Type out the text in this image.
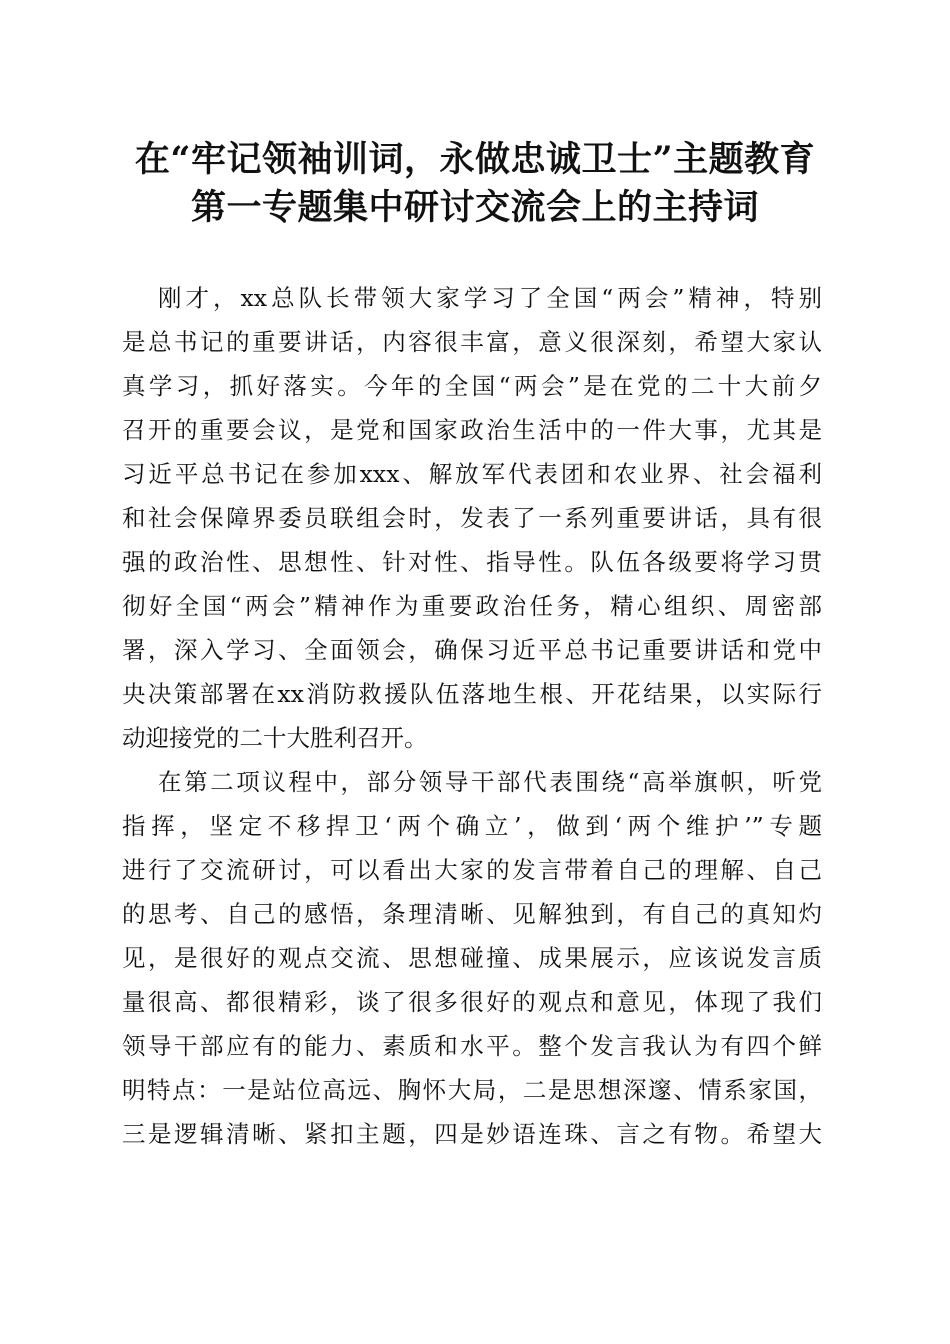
在“牢记领袖训词，永做忠诚卫士”主题教育
第一专题集中研讨交流会上的主持词
刚才，xx总队长带领大家学习了全国“两会”精神，特别
是总书记的重要讲话，内容很丰富，意义很深刻，希望大家认
真学习，抓好落实。今年的全国“两会”是在党的二十大前夕
召开的重要会议，是党和国家政治生活中的一件大事，尤其是
习近平总书记在参加xxx、解放军代表团和农业界、社会福利
和社会保障界委员联组会时，发表了一系列重要讲话，具有很
强的政治性、思想性、针对性、指导性。队伍各级要将学习贯
彻好全国“两会”精神作为重要政治任务，精心组织、周密部
署，深入学习、全面领会，确保习近平总书记重要讲话和党中
央决策部署在xx消防救援队伍落地生根、开花结果，以实际行
动迎接党的二十大胜利召开。
在第二项议程中，部分领导干部代表围绕“高举旗帜，听党
指挥，坚定不移捍卫‘两个确立’，做到‘两个维护’”专题
进行了交流研讨，可以看出大家的发言带着自己的理解、自己
的思考、自己的感悟，条理清晰、见解独到，有自己的真知灼
见，是很好的观点交流、思想碰撞、成果展示，应该说发言质
量很高、都很精彩，谈了很多很好的观点和意见，体现了我们
领导干部应有的能力、素质和水平。整个发言我认为有四个鲜
明特点：一是站位高远、胸怀大局，二是思想深邃、情系家国，
三是逻辑清晰、紧扣主题，四是妙语连珠、言之有物。希望大
